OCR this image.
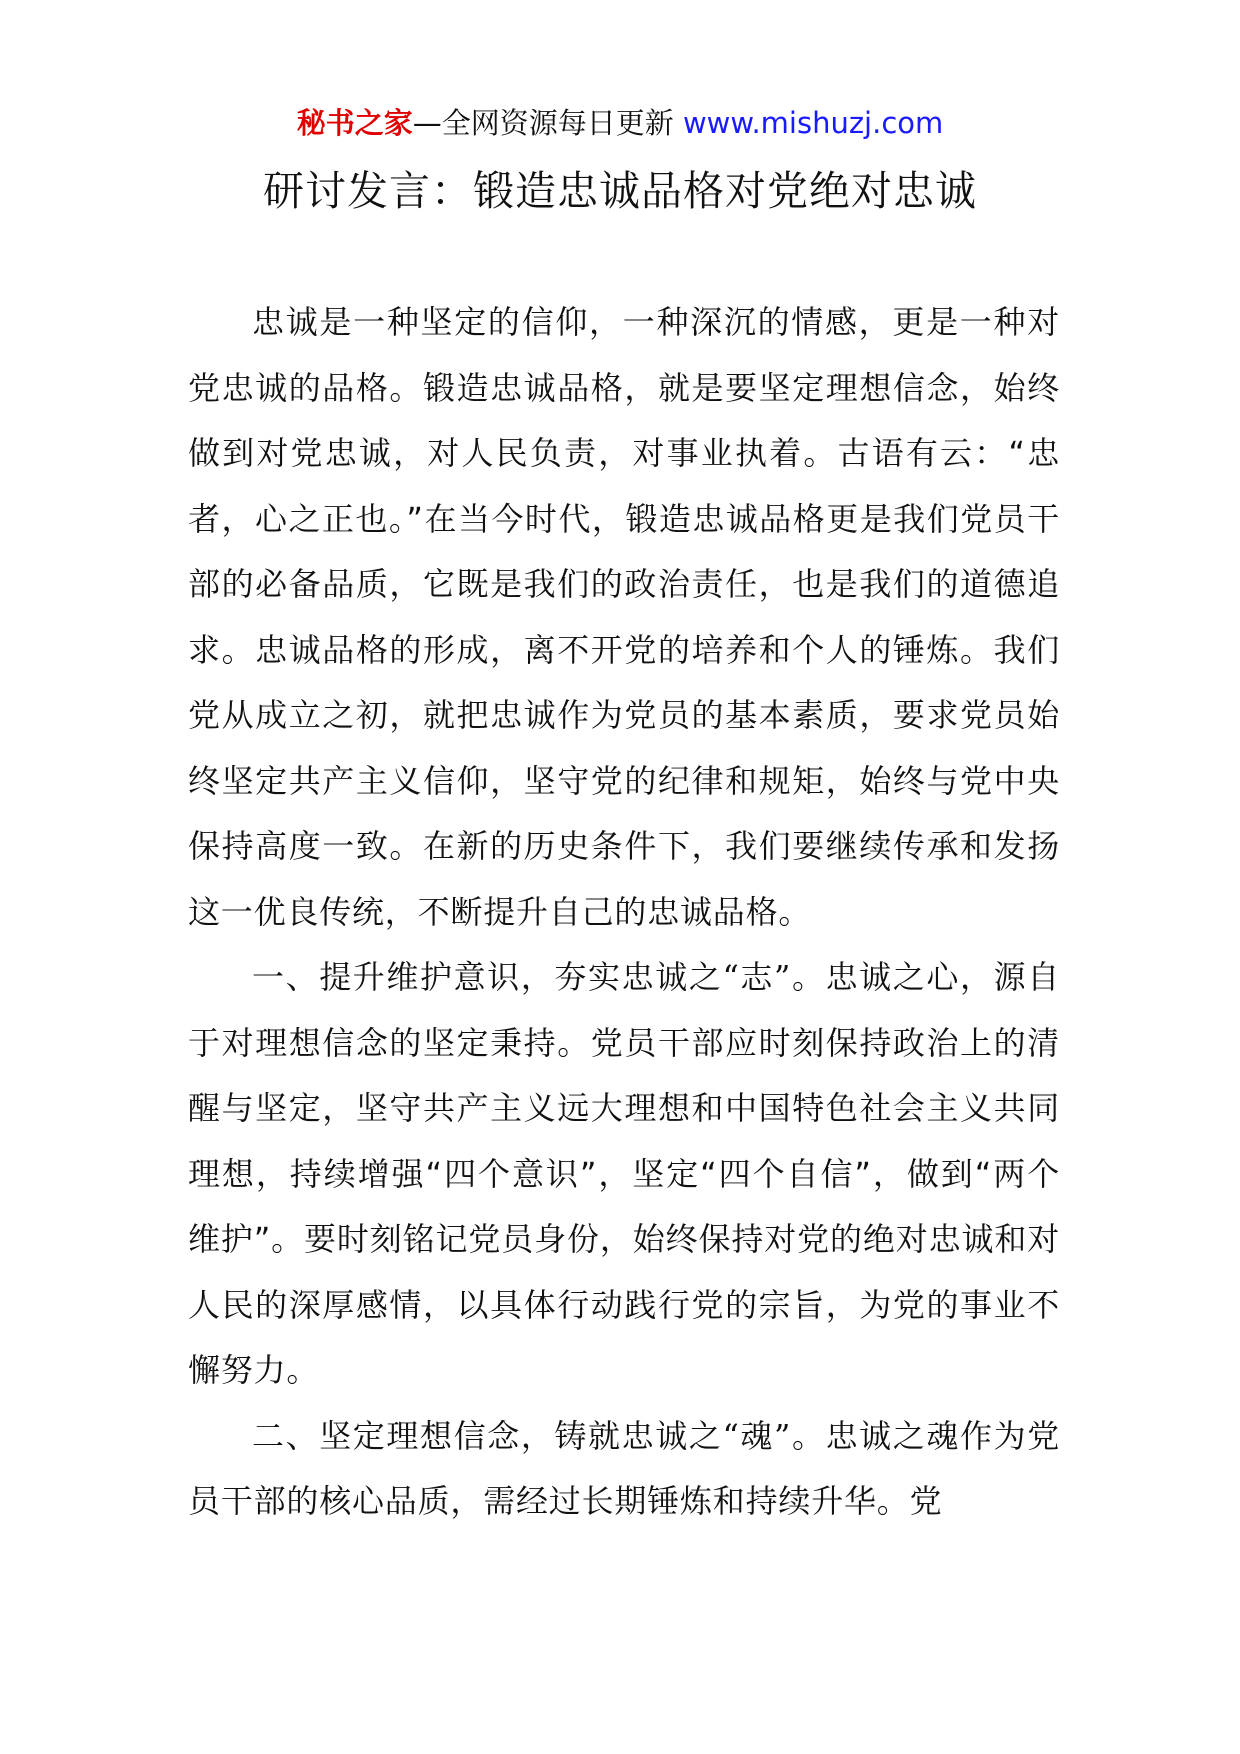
秘书之家—全网资源每日更新 www.mishuzj.com
研讨发言：锻造忠诚品格对党绝对忠诚

忠诚是一种坚定的信仰，一种深沉的情感，更是一种对党忠诚的品格。锻造忠诚品格，就是要坚定理想信念，始终做到对党忠诚，对人民负责，对事业执着。古语有云：“忠者，心之正也。”在当今时代，锻造忠诚品格更是我们党员干部的必备品质，它既是我们的政治责任，也是我们的道德追求。忠诚品格的形成，离不开党的培养和个人的锤炼。我们党从成立之初，就把忠诚作为党员的基本素质，要求党员始终坚定共产主义信仰，坚守党的纪律和规矩，始终与党中央保持高度一致。在新的历史条件下，我们要继续传承和发扬这一优良传统，不断提升自己的忠诚品格。

一、提升维护意识，夯实忠诚之“志”。忠诚之心，源自于对理想信念的坚定秉持。党员干部应时刻保持政治上的清醒与坚定，坚守共产主义远大理想和中国特色社会主义共同理想，持续增强“四个意识”，坚定“四个自信”，做到“两个维护”。要时刻铭记党员身份，始终保持对党的绝对忠诚和对人民的深厚感情，以具体行动践行党的宗旨，为党的事业不懈努力。

二、坚定理想信念，铸就忠诚之“魂”。忠诚之魂作为党员干部的核心品质，需经过长期锤炼和持续升华。党
